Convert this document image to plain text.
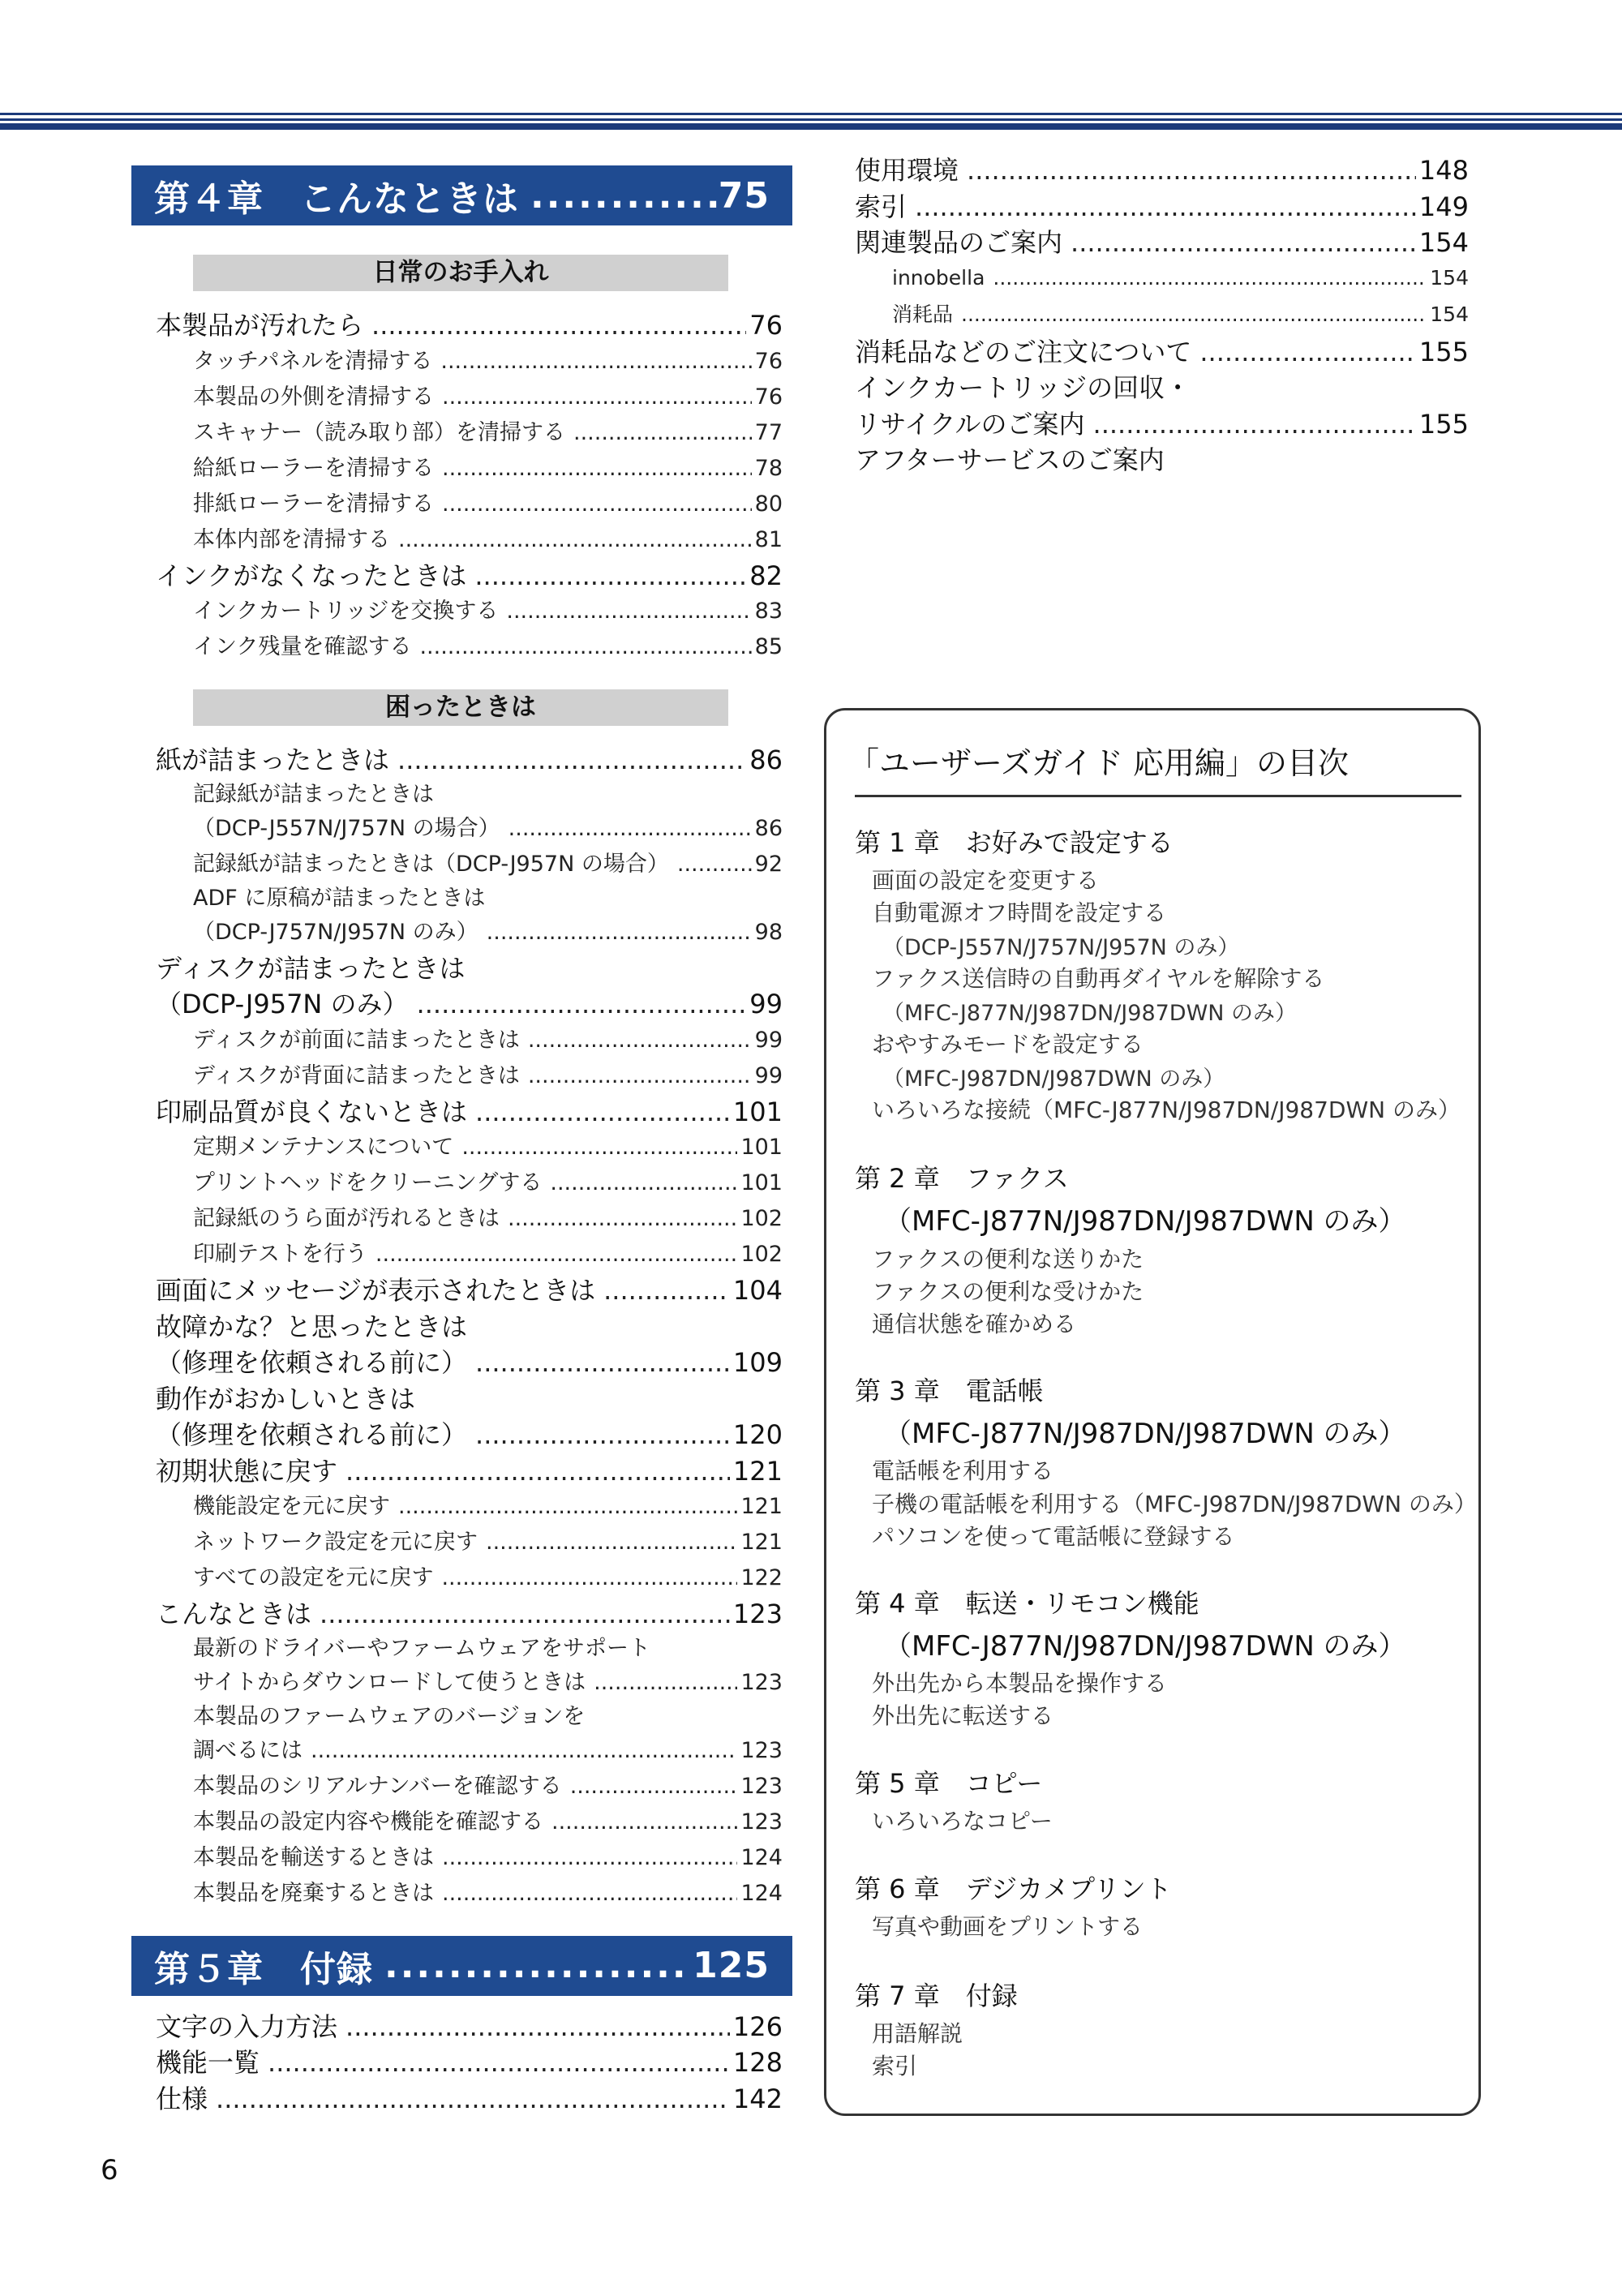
第４章　こんなときは .....	75
日常のお手入れ
本製品が汚れたら .....	76
タッチパネルを清掃する .....	76
本製品の外側を清掃する .....	76
スキャナー（読み取り部）を清掃する .....	77
給紙ローラーを清掃する .....	78
排紙ローラーを清掃する .....	80
本体内部を清掃する .....	81
インクがなくなったときは .....	82
インクカートリッジを交換する .....	83
インク残量を確認する .....	85
困ったときは
紙が詰まったときは .....	86
記録紙が詰まったときは
（DCP-J557N/J757N の場合） .....	86
記録紙が詰まったときは（DCP-J957N の場合） .....	92
ADF に原稿が詰まったときは
（DCP-J757N/J957N のみ） .....	98
ディスクが詰まったときは
（DCP-J957N のみ） .....	99
ディスクが前面に詰まったときは .....	99
ディスクが背面に詰まったときは .....	99
印刷品質が良くないときは .....	101
定期メンテナンスについて .....	101
プリントヘッドをクリーニングする .....	101
記録紙のうら面が汚れるときは .....	102
印刷テストを行う .....	102
画面にメッセージが表示されたときは .....	104
故障かな？と思ったときは
（修理を依頼される前に） .....	109
動作がおかしいときは
（修理を依頼される前に） .....	120
初期状態に戻す .....	121
機能設定を元に戻す .....	121
ネットワーク設定を元に戻す .....	121
すべての設定を元に戻す .....	122
こんなときは .....	123
最新のドライバーやファームウェアをサポート
サイトからダウンロードして使うときは .....	123
本製品のファームウェアのバージョンを
調べるには .....	123
本製品のシリアルナンバーを確認する .....	123
本製品の設定内容や機能を確認する .....	123
本製品を輸送するときは .....	124
本製品を廃棄するときは .....	124
第５章　付録 .....	125
文字の入力方法 .....	126
機能一覧 .....	128
仕様 .....	142
使用環境 .....	148
索引 .....	149
関連製品のご案内 .....	154
innobella .....	154
消耗品 .....	154
消耗品などのご注文について .....	155
インクカートリッジの回収・
リサイクルのご案内 .....	155
アフターサービスのご案内
「ユーザーズガイド 応用編」の目次
第 1 章　お好みで設定する
画面の設定を変更する
自動電源オフ時間を設定する
（DCP-J557N/J757N/J957N のみ）
ファクス送信時の自動再ダイヤルを解除する
（MFC-J877N/J987DN/J987DWN のみ）
おやすみモードを設定する
（MFC-J987DN/J987DWN のみ）
いろいろな接続（MFC-J877N/J987DN/J987DWN のみ）
第 2 章　ファクス
（MFC-J877N/J987DN/J987DWN のみ）
ファクスの便利な送りかた
ファクスの便利な受けかた
通信状態を確かめる
第 3 章　電話帳
（MFC-J877N/J987DN/J987DWN のみ）
電話帳を利用する
子機の電話帳を利用する（MFC-J987DN/J987DWN のみ）
パソコンを使って電話帳に登録する
第 4 章　転送・リモコン機能
（MFC-J877N/J987DN/J987DWN のみ）
外出先から本製品を操作する
外出先に転送する
第 5 章　コピー
いろいろなコピー
第 6 章　デジカメプリント
写真や動画をプリントする
第 7 章　付録
用語解説
索引
6
